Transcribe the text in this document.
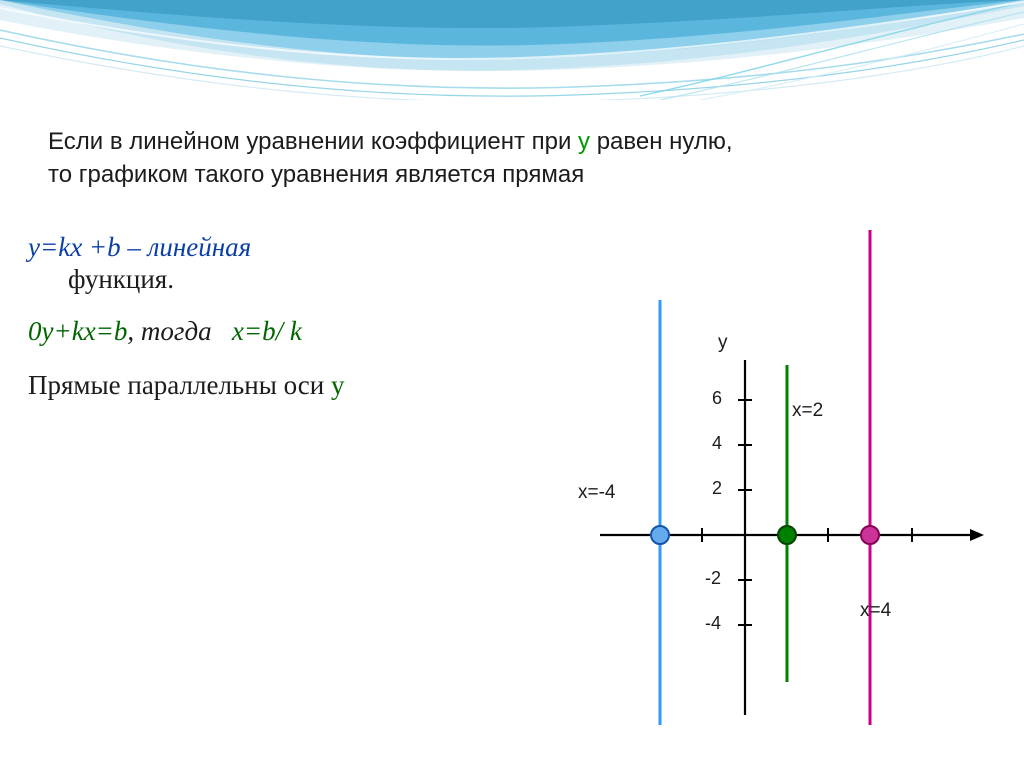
Если в линейном уравнении коэффициент при y равен нулю,
то графиком такого уравнения является прямая
y=kx +b – линейная
функция.
0y+kx=b, тогда   x=b/ k
Прямые параллельны оси y
y
6
4
2
-2
-4
x=-4
x=2
x=4
